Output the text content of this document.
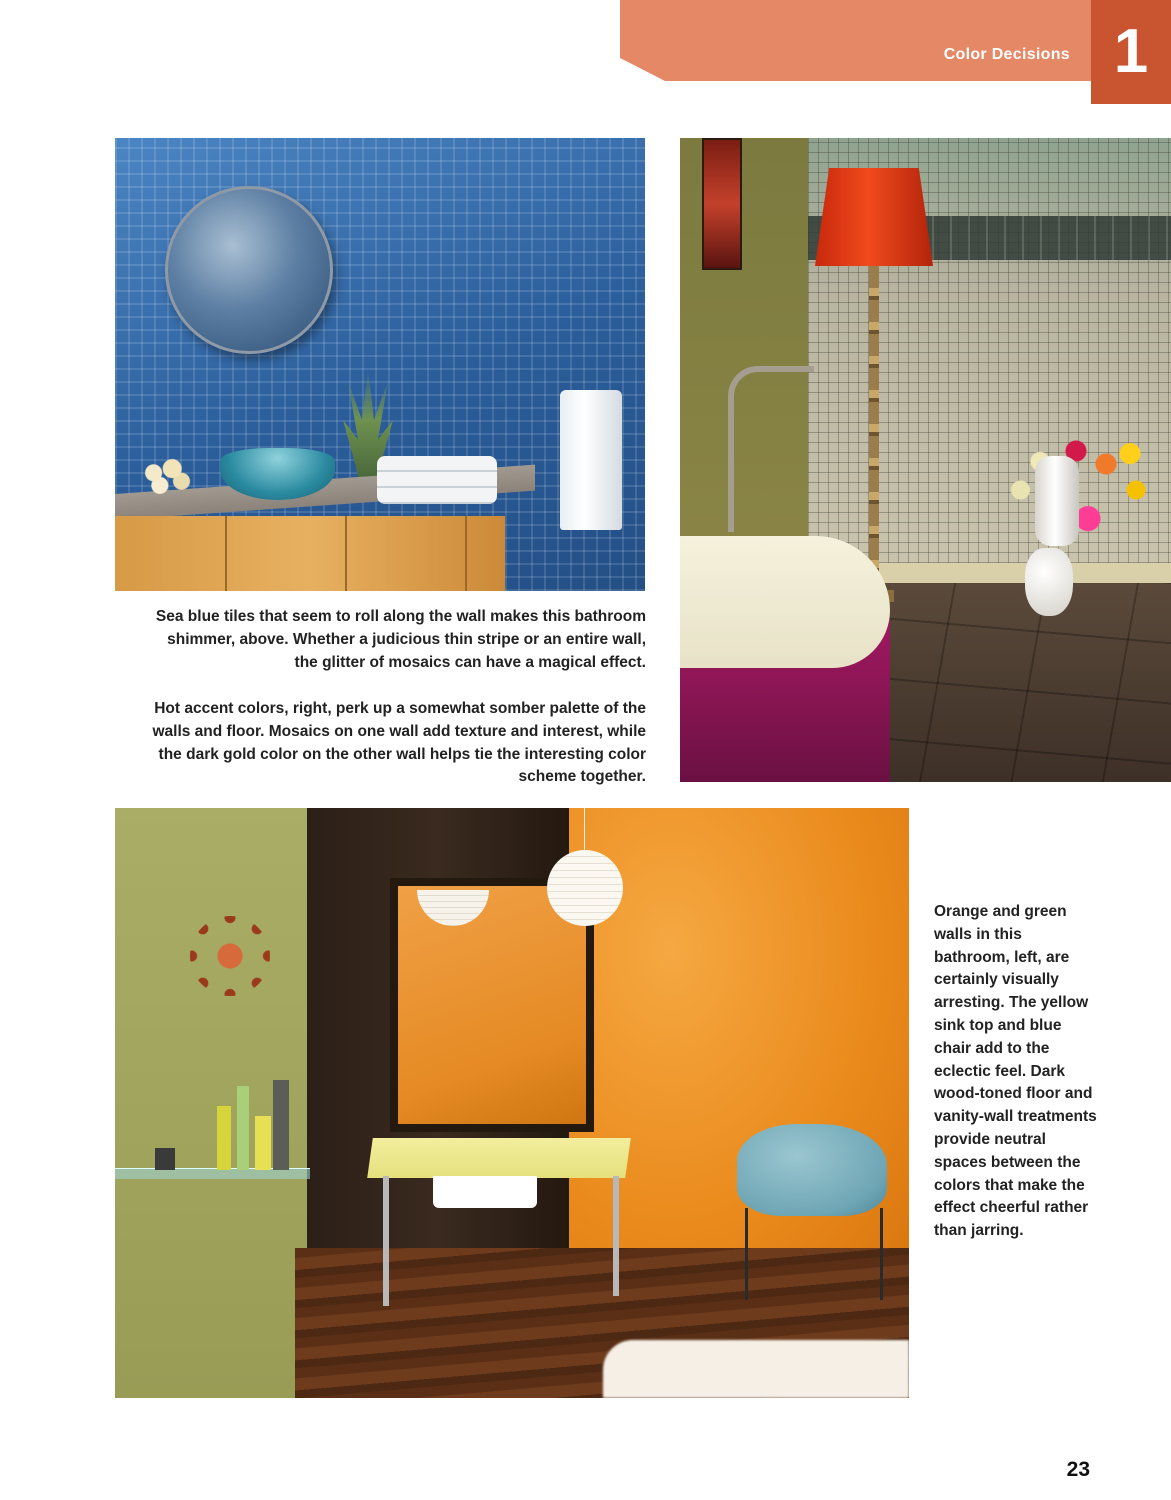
Color Decisions 1

Sea blue tiles that seem to roll along the wall makes this bathroom shimmer, above. Whether a judicious thin stripe or an entire wall, the glitter of mosaics can have a magical effect.

Hot accent colors, right, perk up a somewhat somber palette of the walls and floor. Mosaics on one wall add texture and interest, while the dark gold color on the other wall helps tie the interesting color scheme together.

Orange and green walls in this bathroom, left, are certainly visually arresting. The yellow sink top and blue chair add to the eclectic feel. Dark wood-toned floor and vanity-wall treatments provide neutral spaces between the colors that make the effect cheerful rather than jarring.

23
